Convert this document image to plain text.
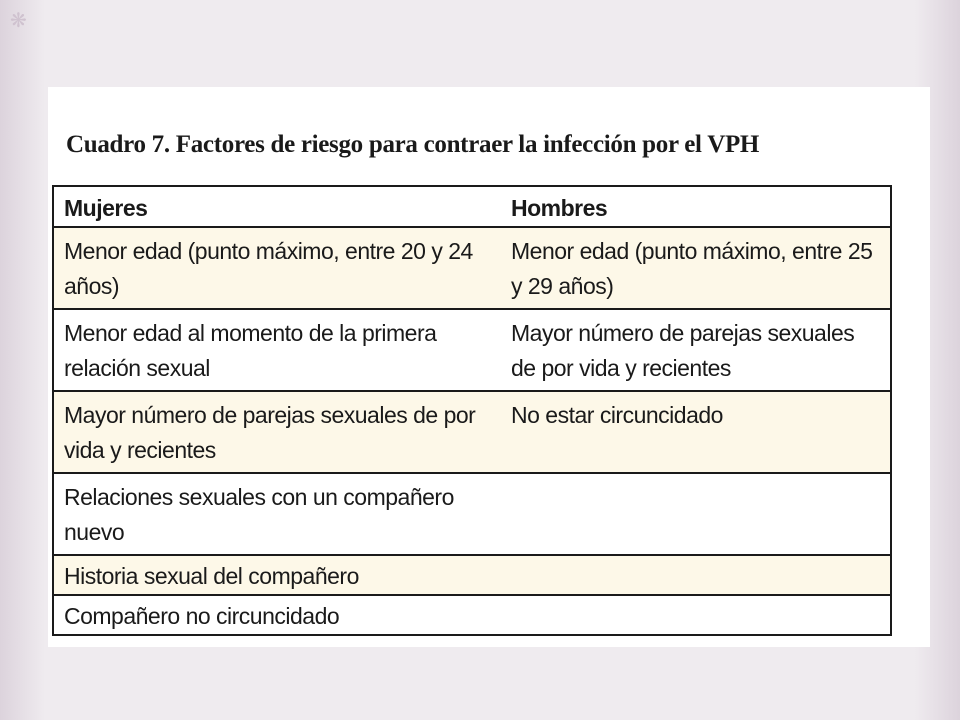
❋
Cuadro 7. Factores de riesgo para contraer la infección por el VPH
Mujeres	Hombres
Menor edad (punto máximo, entre 20 y 24 años)	Menor edad (punto máximo, entre 25 y 29 años)
Menor edad al momento de la primera relación sexual	Mayor número de parejas sexuales de por vida y recientes
Mayor número de parejas sexuales de por vida y recientes	No estar circuncidado
Relaciones sexuales con un compañero nuevo	
Historia sexual del compañero	
Compañero no circuncidado	
